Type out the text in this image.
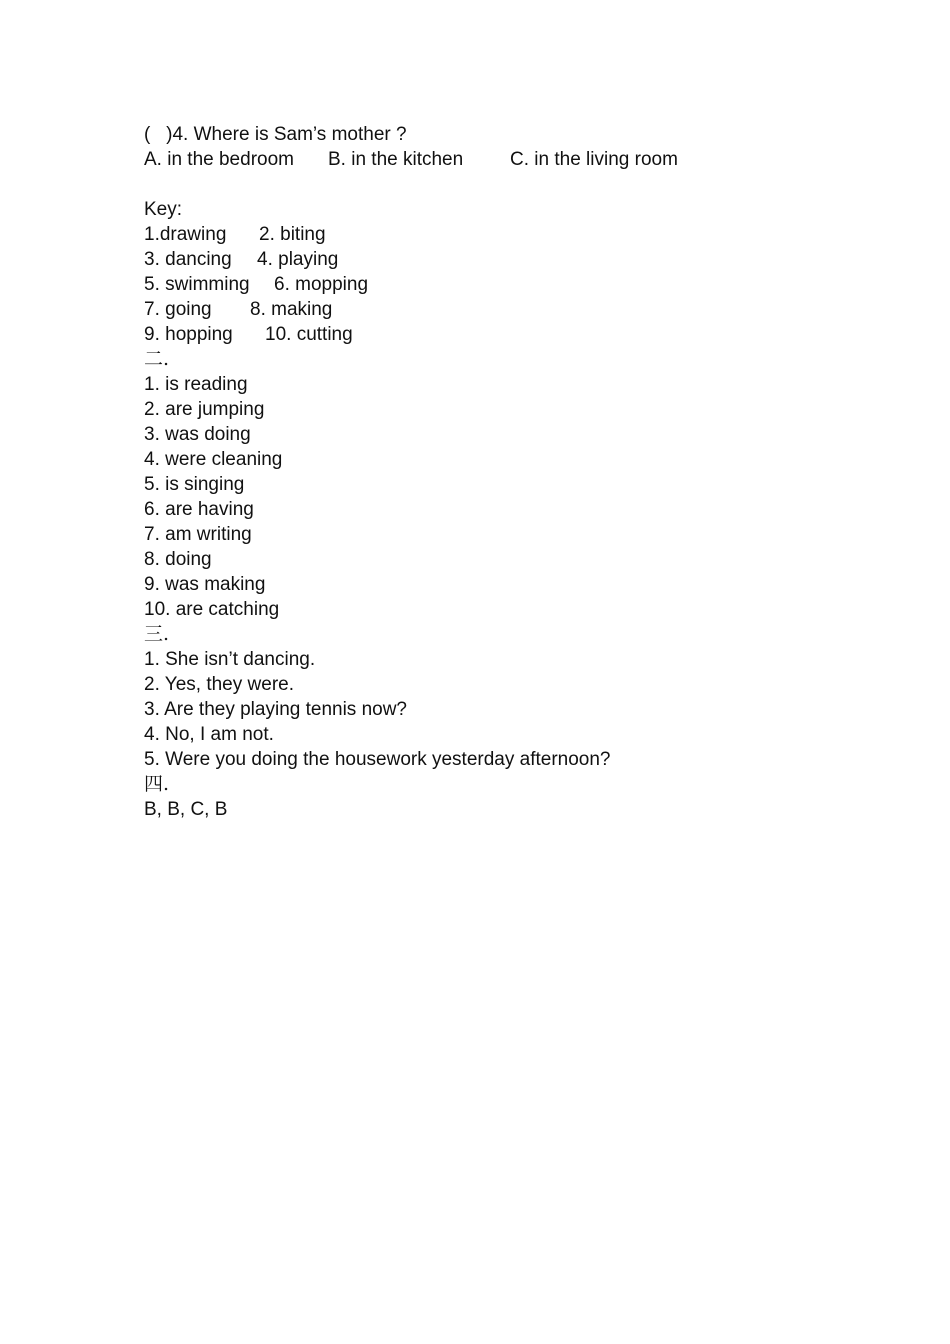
(   )4. Where is Sam’s mother ?
A. in the bedroom B. in the kitchen C. in the living room
Key:
1.drawing 2. biting
3. dancing 4. playing
5. swimming 6. mopping
7. going 8. making
9. hopping 10. cutting
二.
1. is reading
2. are jumping
3. was doing
4. were cleaning
5. is singing
6. are having
7. am writing
8. doing
9. was making
10. are catching
三.
1. She isn’t dancing.
2. Yes, they were.
3. Are they playing tennis now?
4. No, I am not.
5. Were you doing the housework yesterday afternoon?
四.
B, B, C, B
